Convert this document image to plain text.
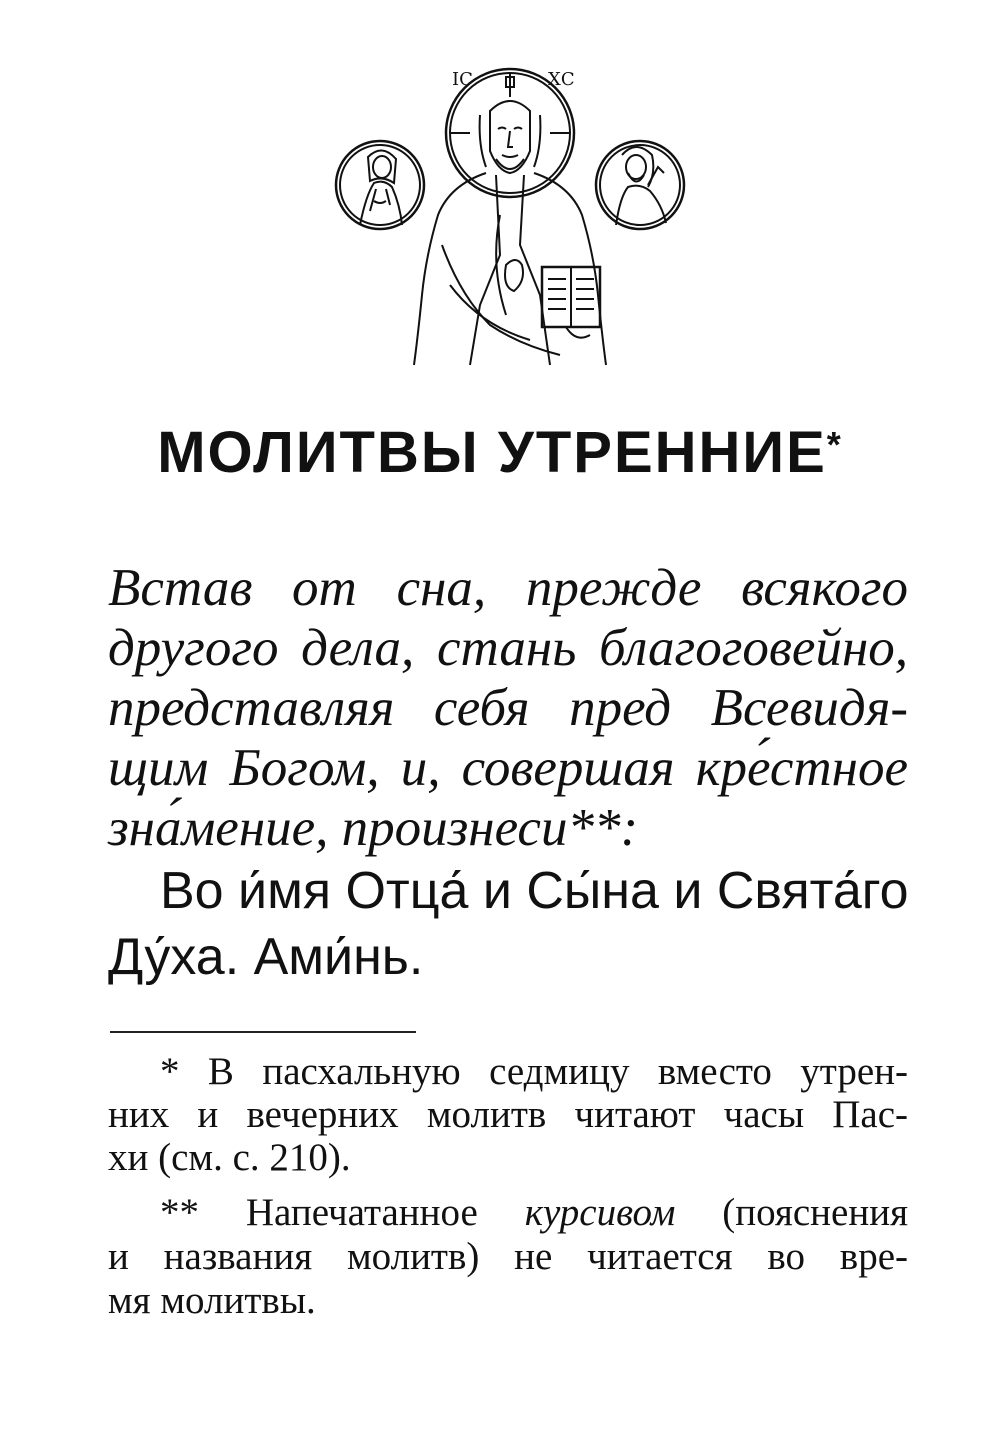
ІС	ХС
МОЛИТВЫ УТРЕННИЕ*
Встав от сна, прежде всякого
другого дела, стань благоговейно,
представляя себя пред Всевидя-
щим Богом, и, совершая кре́стное
зна́мение, произнеси**:
Во и́мя Отца́ и Сы́на и Свята́го
Ду́ха. Ами́нь.
* В пасхальную седмицу вместо утрен-
них и вечерних молитв читают часы Пас-
хи (см. с. 210).
** Напечатанное курсивом (пояснения
и названия молитв) не читается во вре-
мя молитвы.
